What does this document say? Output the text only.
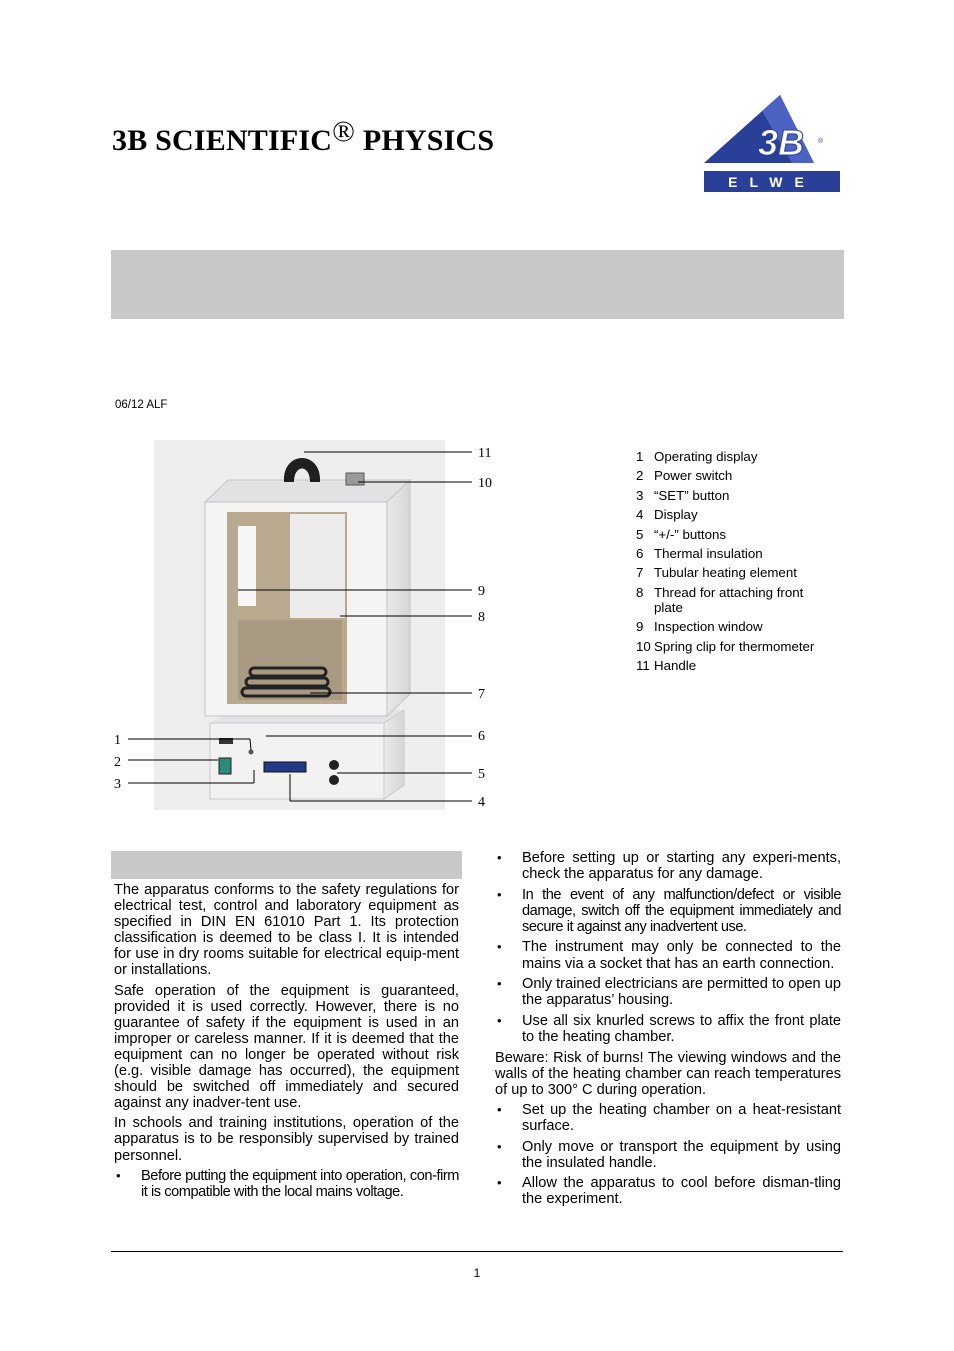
3B SCIENTIFIC® PHYSICS	3B ®
ELWE
06/12 ALF
1
2
3
4
5
6
7
8
9
10
11	1 Operating display
2 Power switch
3 “SET” button
4 Display
5 “+/-” buttons
6 Thermal insulation
7 Tubular heating element
8 Thread for attaching front plate
9 Inspection window
10 Spring clip for thermometer
11 Handle

The apparatus conforms to the safety regulations for electrical test, control and laboratory equipment as specified in DIN EN 61010 Part 1. Its protection classification is deemed to be class I. It is intended for use in dry rooms suitable for electrical equip-ment or installations.

Safe operation of the equipment is guaranteed, provided it is used correctly. However, there is no guarantee of safety if the equipment is used in an improper or careless manner. If it is deemed that the equipment can no longer be operated without risk (e.g. visible damage has occurred), the equipment should be switched off immediately and secured against any inadver-tent use.

In schools and training institutions, operation of the apparatus is to be responsibly supervised by trained personnel.

• Before putting the equipment into operation, con-firm it is compatible with the local mains voltage.
• Before setting up or starting any experi-ments, check the apparatus for any damage.
• In the event of any malfunction/defect or visible damage, switch off the equipment immediately and secure it against any inadvertent use.
• The instrument may only be connected to the mains via a socket that has an earth connection.
• Only trained electricians are permitted to open up the apparatus’ housing.
• Use all six knurled screws to affix the front plate to the heating chamber.

Beware: Risk of burns! The viewing windows and the walls of the heating chamber can reach temperatures of up to 300° C during operation.

• Set up the heating chamber on a heat-resistant surface.
• Only move or transport the equipment by using the insulated handle.
• Allow the apparatus to cool before disman-tling the experiment.
1
